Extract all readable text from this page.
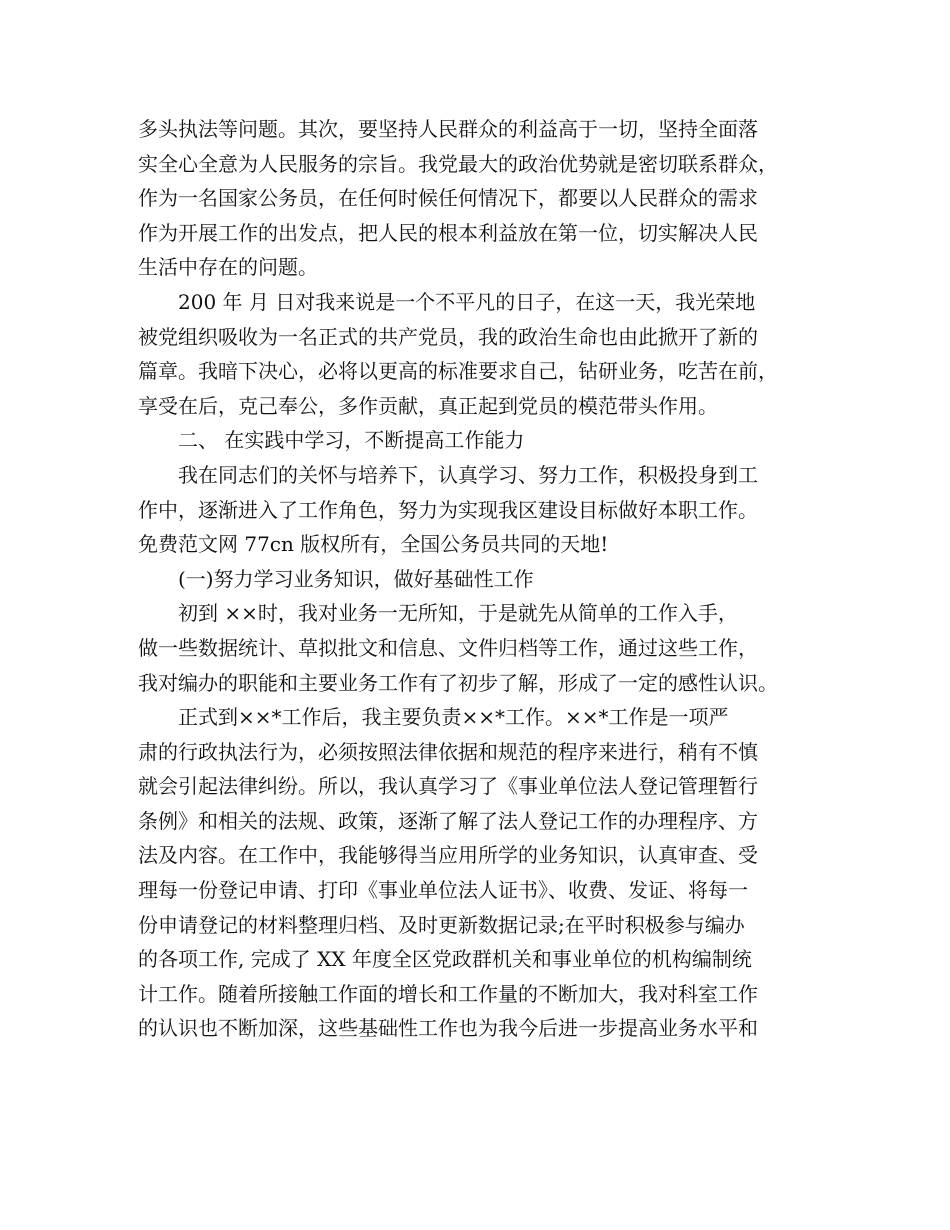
多头执法等问题。其次，要坚持人民群众的利益高于一切，坚持全面落
实全心全意为人民服务的宗旨。我党最大的政治优势就是密切联系群众，
作为一名国家公务员，在任何时候任何情况下，都要以人民群众的需求
作为开展工作的出发点，把人民的根本利益放在第一位，切实解决人民
生活中存在的问题。
200 年 月 日对我来说是一个不平凡的日子，在这一天，我光荣地
被党组织吸收为一名正式的共产党员，我的政治生命也由此掀开了新的
篇章。我暗下决心，必将以更高的标准要求自己，钻研业务，吃苦在前，
享受在后，克己奉公，多作贡献，真正起到党员的模范带头作用。
二、 在实践中学习，不断提高工作能力
我在同志们的关怀与培养下，认真学习、努力工作，积极投身到工
作中，逐渐进入了工作角色，努力为实现我区建设目标做好本职工作。
免费范文网 77cn 版权所有，全国公务员共同的天地!
(一)努力学习业务知识，做好基础性工作
初到 ××时，我对业务一无所知，于是就先从简单的工作入手，
做一些数据统计、草拟批文和信息、文件归档等工作，通过这些工作，
我对编办的职能和主要业务工作有了初步了解，形成了一定的感性认识。
正式到××*工作后，我主要负责××*工作。××*工作是一项严
肃的行政执法行为，必须按照法律依据和规范的程序来进行，稍有不慎
就会引起法律纠纷。所以，我认真学习了《事业单位法人登记管理暂行
条例》和相关的法规、政策，逐渐了解了法人登记工作的办理程序、方
法及内容。在工作中，我能够得当应用所学的业务知识，认真审查、受
理每一份登记申请、打印《事业单位法人证书》、收费、发证、将每一
份申请登记的材料整理归档、及时更新数据记录;在平时积极参与编办
的各项工作, 完成了 XX 年度全区党政群机关和事业单位的机构编制统
计工作。随着所接触工作面的增长和工作量的不断加大，我对科室工作
的认识也不断加深，这些基础性工作也为我今后进一步提高业务水平和
